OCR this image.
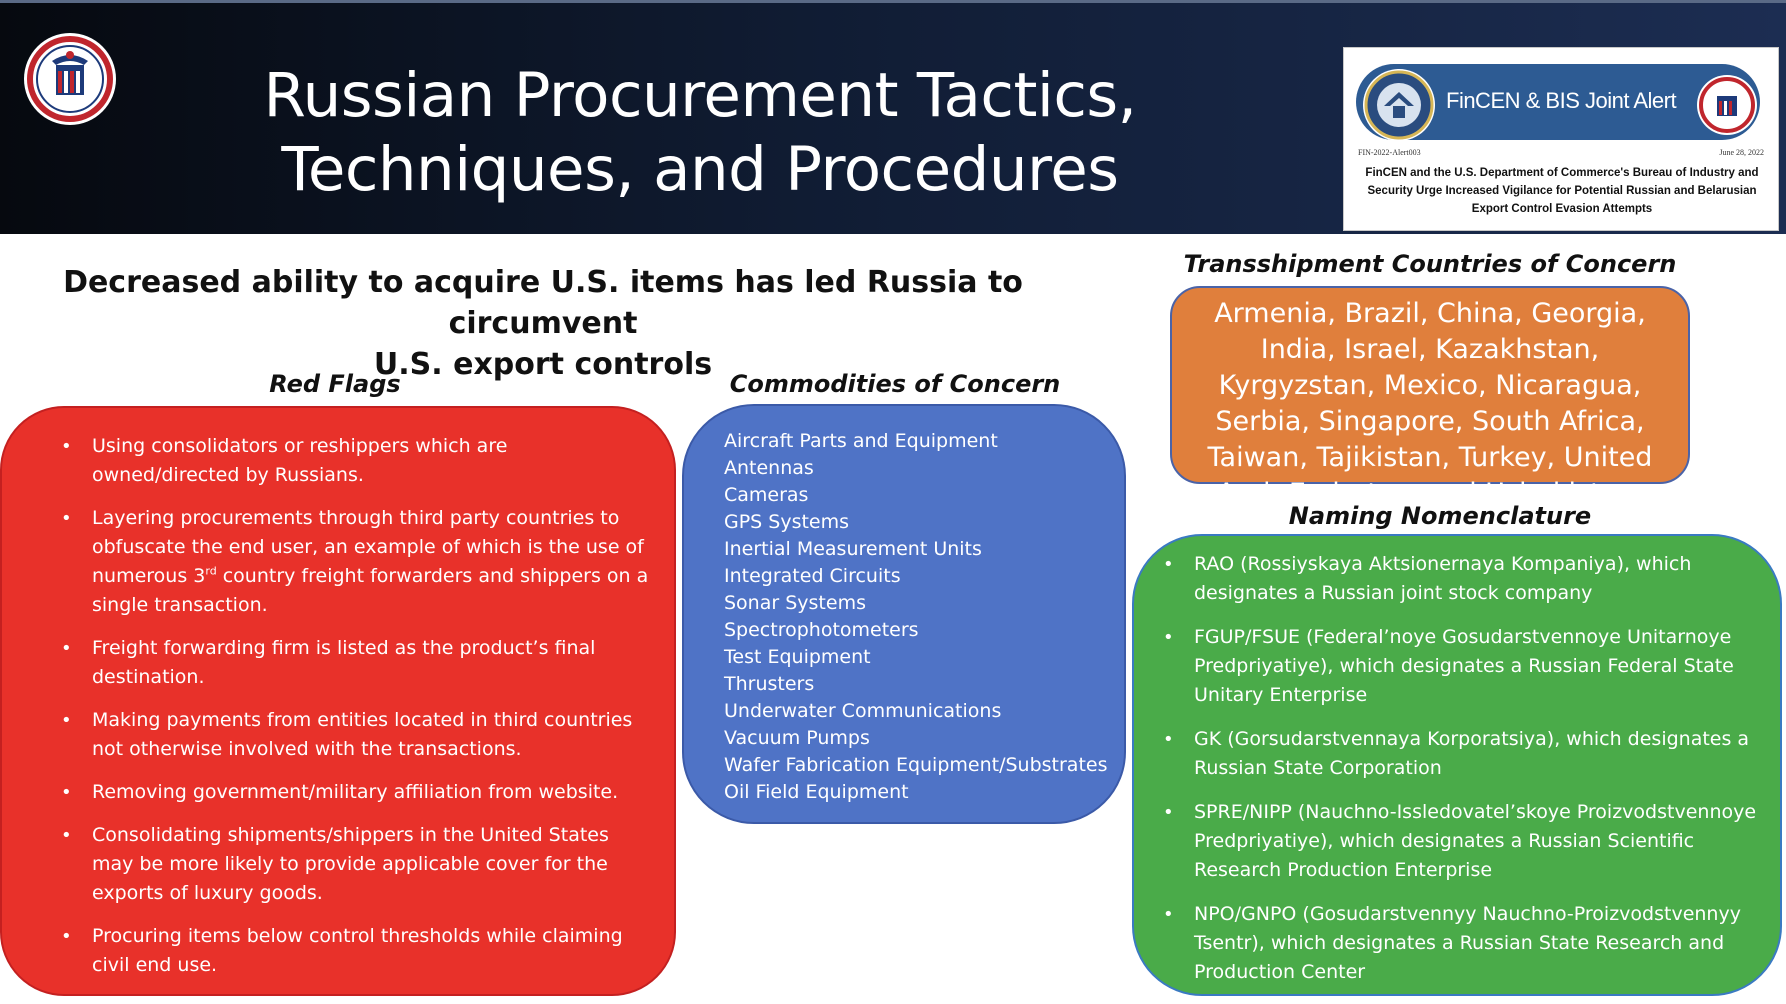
Russian Procurement Tactics,
Techniques, and Procedures
FinCEN & BIS Joint Alert
FIN-2022-Alert003	June 28, 2022
FinCEN and the U.S. Department of Commerce's Bureau of Industry and Security Urge Increased Vigilance for Potential Russian and Belarusian Export Control Evasion Attempts
Decreased ability to acquire U.S. items has led Russia to circumvent
U.S. export controls
Red Flags
• Using consolidators or reshippers which are owned/directed by Russians.
• Layering procurements through third party countries to obfuscate the end user, an example of which is the use of numerous 3rd country freight forwarders and shippers on a single transaction.
• Freight forwarding firm is listed as the product’s final destination.
• Making payments from entities located in third countries not otherwise involved with the transactions.
• Removing government/military affiliation from website.
• Consolidating shipments/shippers in the United States may be more likely to provide applicable cover for the exports of luxury goods.
• Procuring items below control thresholds while claiming civil end use.
Commodities of Concern
Aircraft Parts and Equipment
Antennas
Cameras
GPS Systems
Inertial Measurement Units
Integrated Circuits
Sonar Systems
Spectrophotometers
Test Equipment
Thrusters
Underwater Communications
Vacuum Pumps
Wafer Fabrication Equipment/Substrates
Oil Field Equipment
Transshipment Countries of Concern
Armenia, Brazil, China, Georgia, India, Israel, Kazakhstan, Kyrgyzstan, Mexico, Nicaragua, Serbia, Singapore, South Africa, Taiwan, Tajikistan, Turkey, United Arab Emirates, and Uzbekistan.
Naming Nomenclature
• RAO (Rossiyskaya Aktsionernaya Kompaniya), which designates a Russian joint stock company
• FGUP/FSUE (Federal’noye Gosudarstvennoye Unitarnoye Predpriyatiye), which designates a Russian Federal State Unitary Enterprise
• GK (Gorsudarstvennaya Korporatsiya), which designates a Russian State Corporation
• SPRE/NIPP (Nauchno-Issledovatel’skoye Proizvodstvennoye Predpriyatiye), which designates a Russian Scientific Research Production Enterprise
• NPO/GNPO (Gosudarstvennyy Nauchno-Proizvodstvennyy Tsentr), which designates a Russian State Research and Production Center
